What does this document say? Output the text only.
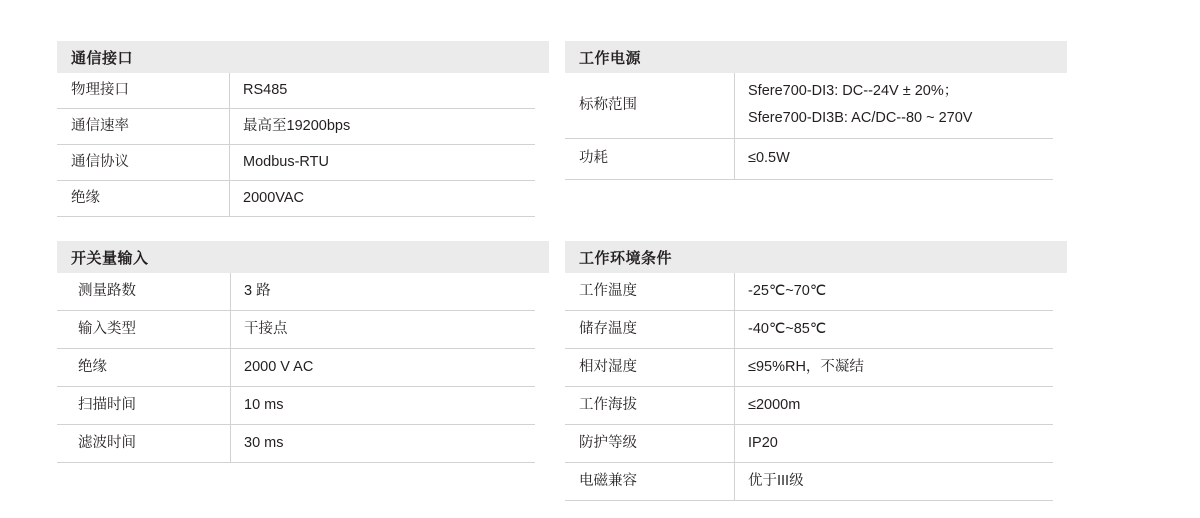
通信接口
物理接口	RS485
通信速率	最高至19200bps
通信协议	Modbus-RTU
绝缘	2000VAC
开关量输入
测量路数	3 路
输入类型	干接点
绝缘	2000 V AC
扫描时间	10 ms
滤波时间	30 ms
工作电源
标称范围	Sfere700-DI3: DC--24V ± 20%；
Sfere700-DI3B: AC/DC--80 ~ 270V

功耗	≤0.5W
工作环境条件
工作温度	-25℃~70℃
储存温度	-40℃~85℃
相对湿度	≤95%RH，不凝结
工作海拔	≤2000m
防护等级	IP20
电磁兼容	优于III级
